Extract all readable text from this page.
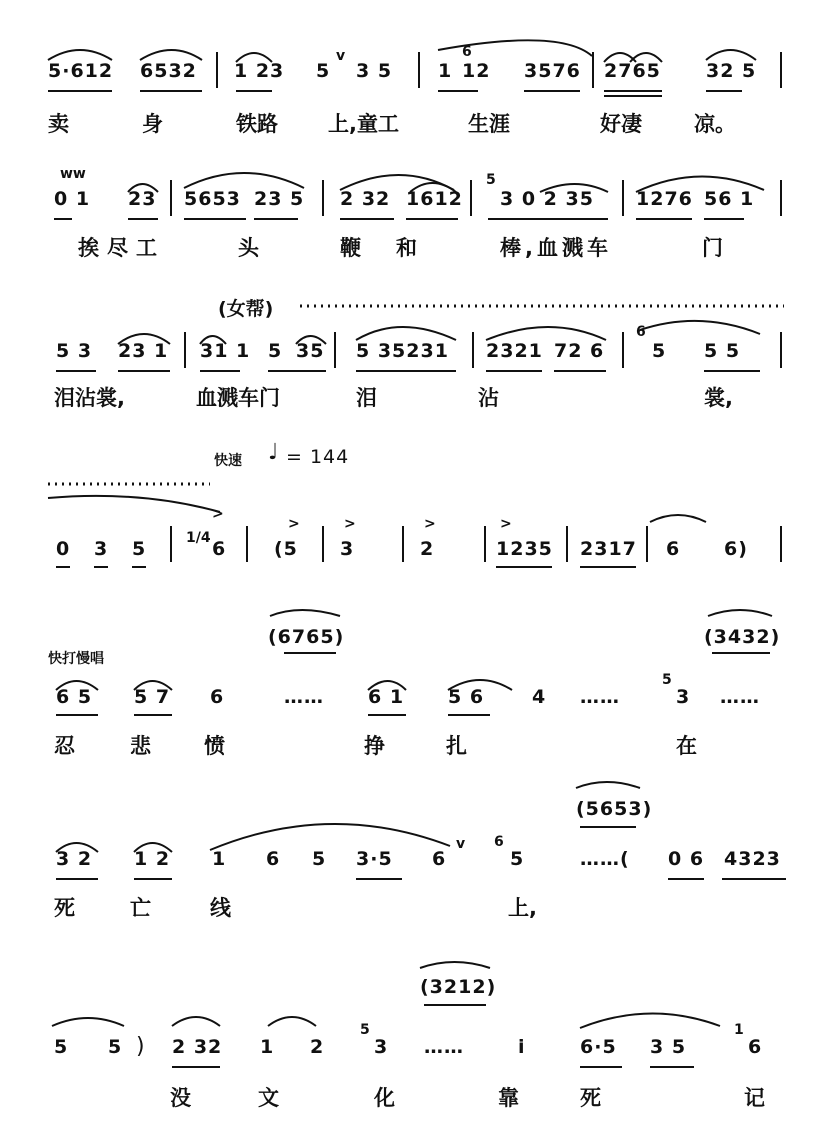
5·612 6532 1 23 5
v
3 5 1
6
12 3576 2765 32 5
卖	身	铁路 上,童工	生涯	好凄 凉。
ww
0 1 23 5653 23 5 2 32 1612
5
3 0 2 35 1276 56 1
挨尽工	头	鞭 和	棒,血溅车	门
(女帮)
5 3 23 1 31 1 5 35 5 35231 2321 72 6
6
5 5 5
泪沾裳,	血溅车门	泪	沾	裳,
快速 ♩ = 144
0 3 5	1/4
>
6
>
(5
>
3
>
2
>
1235 2317 6 6)
(6765)	(3432)
快打慢唱
6 5 5 7 6	…… 6 1 5 6	4 ……
5
3 ……
忍	悲	愤	挣	扎	在
(5653)
3 2 1 2 1 6 5 3·5 6
v 6
5	……( 0 6 4323
死	亡	线	上,
(3212)
5 5 ) 2 32 1 2
5
3 ……	i	6·5 3 5
1
6
没	文	化	靠	死	记
